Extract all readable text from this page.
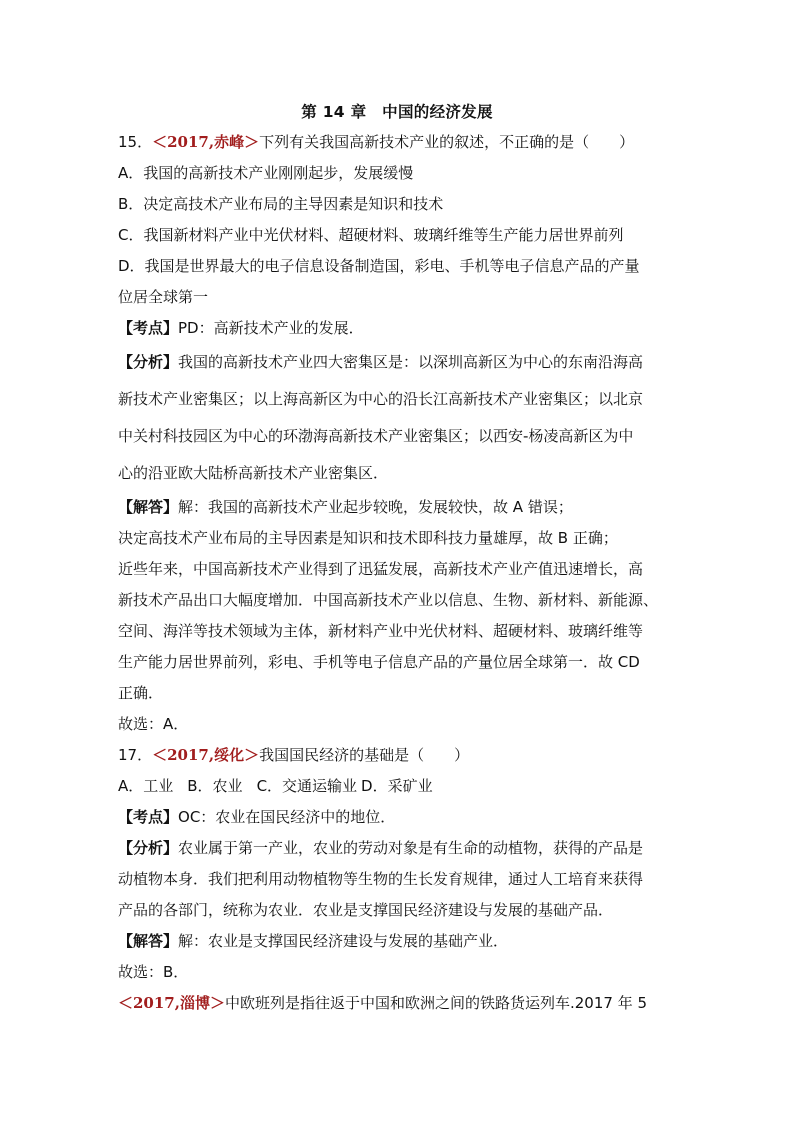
第 14 章　中国的经济发展
15．＜2017,赤峰＞下列有关我国高新技术产业的叙述，不正确的是（　　）
A．我国的高新技术产业刚刚起步，发展缓慢
B．决定高技术产业布局的主导因素是知识和技术
C．我国新材料产业中光伏材料、超硬材料、玻璃纤维等生产能力居世界前列
D．我国是世界最大的电子信息设备制造国，彩电、手机等电子信息产品的产量
位居全球第一
【考点】PD：高新技术产业的发展．
【分析】我国的高新技术产业四大密集区是：以深圳高新区为中心的东南沿海高
新技术产业密集区；以上海高新区为中心的沿长江高新技术产业密集区；以北京
中关村科技园区为中心的环渤海高新技术产业密集区；以西安-杨凌高新区为中
心的沿亚欧大陆桥高新技术产业密集区．
【解答】解：我国的高新技术产业起步较晚，发展较快，故 A 错误；
决定高技术产业布局的主导因素是知识和技术即科技力量雄厚，故 B 正确；
近些年来，中国高新技术产业得到了迅猛发展，高新技术产业产值迅速增长，高
新技术产品出口大幅度增加．中国高新技术产业以信息、生物、新材料、新能源、
空间、海洋等技术领域为主体，新材料产业中光伏材料、超硬材料、玻璃纤维等
生产能力居世界前列，彩电、手机等电子信息产品的产量位居全球第一．故 CD
正确．
故选：A．
17．＜2017,绥化＞我国国民经济的基础是（　　）
A．工业 B．农业 C．交通运输业 D．采矿业
【考点】OC：农业在国民经济中的地位．
【分析】农业属于第一产业，农业的劳动对象是有生命的动植物，获得的产品是
动植物本身．我们把利用动物植物等生物的生长发育规律，通过人工培育来获得
产品的各部门，统称为农业．农业是支撑国民经济建设与发展的基础产品．
【解答】解：农业是支撑国民经济建设与发展的基础产业．
故选：B．
＜2017,淄博＞中欧班列是指往返于中国和欧洲之间的铁路货运列车.2017 年 5
